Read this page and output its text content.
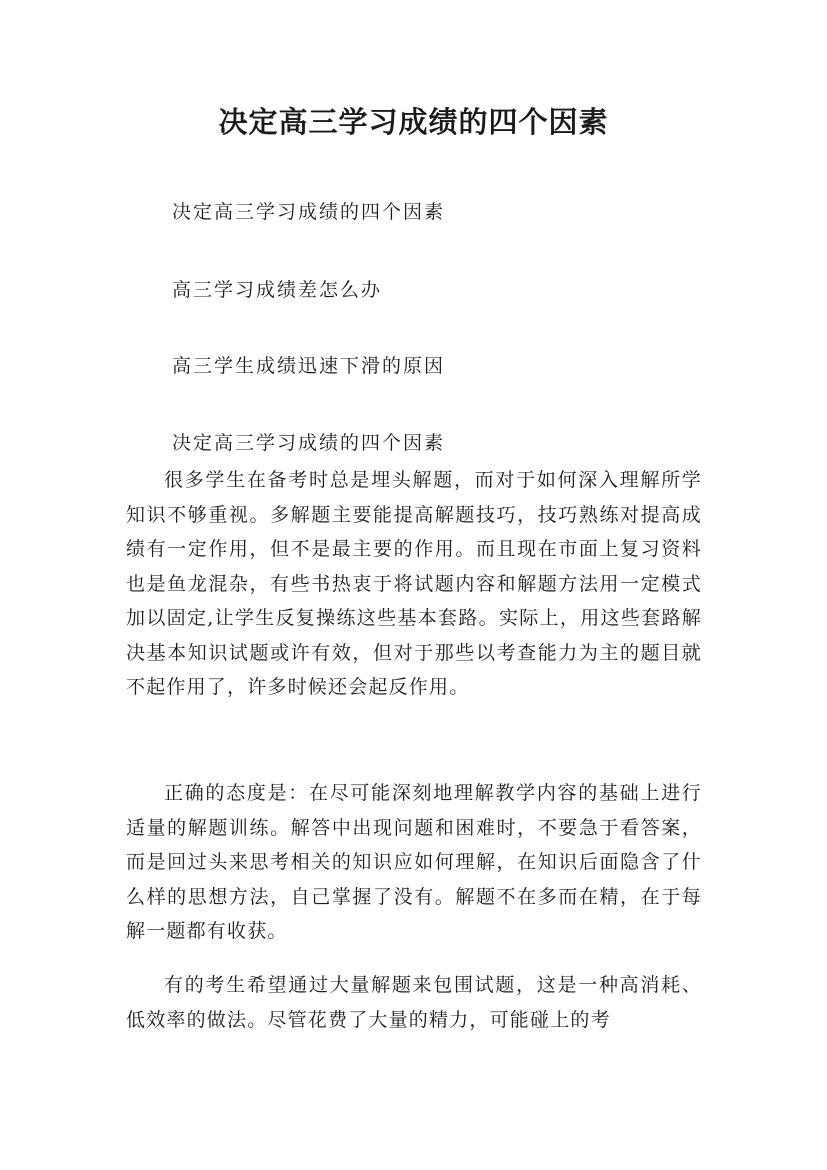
决定高三学习成绩的四个因素
决定高三学习成绩的四个因素
高三学习成绩差怎么办
高三学生成绩迅速下滑的原因
决定高三学习成绩的四个因素

很多学生在备考时总是埋头解题，而对于如何深入理解所学知识不够重视。多解题主要能提高解题技巧，技巧熟练对提高成绩有一定作用，但不是最主要的作用。而且现在市面上复习资料也是鱼龙混杂，有些书热衷于将试题内容和解题方法用一定模式加以固定,让学生反复操练这些基本套路。实际上，用这些套路解决基本知识试题或许有效，但对于那些以考查能力为主的题目就不起作用了，许多时候还会起反作用。

正确的态度是：在尽可能深刻地理解教学内容的基础上进行适量的解题训练。解答中出现问题和困难时，不要急于看答案，而是回过头来思考相关的知识应如何理解，在知识后面隐含了什么样的思想方法，自己掌握了没有。解题不在多而在精，在于每解一题都有收获。

有的考生希望通过大量解题来包围试题，这是一种高消耗、低效率的做法。尽管花费了大量的精力，可能碰上的考
